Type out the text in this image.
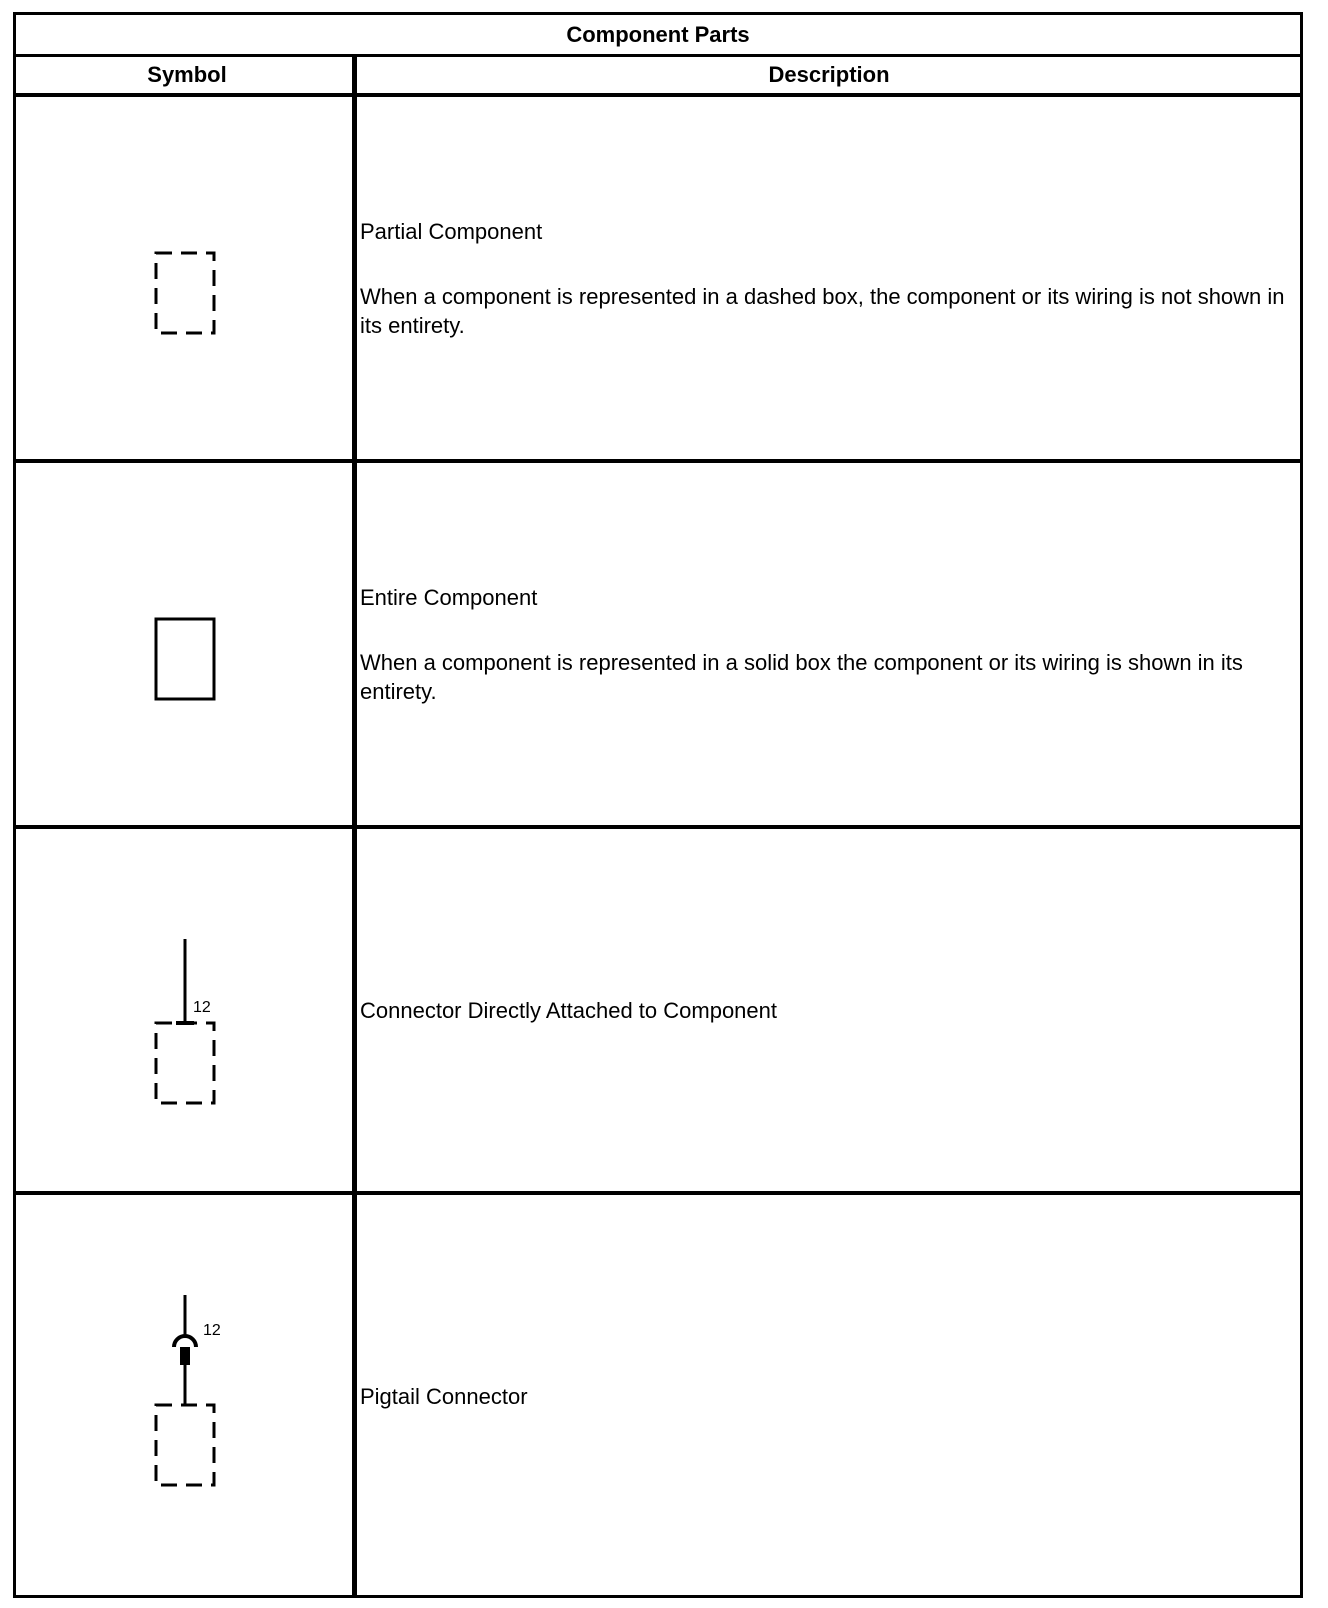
Component Parts
Symbol	Description

Partial Component

When a component is represented in a dashed box, the component or its wiring is not shown in its entirety.

Entire Component

When a component is represented in a solid box the component or its wiring is shown in its entirety.

12	Connector Directly Attached to Component

12

Pigtail Connector
